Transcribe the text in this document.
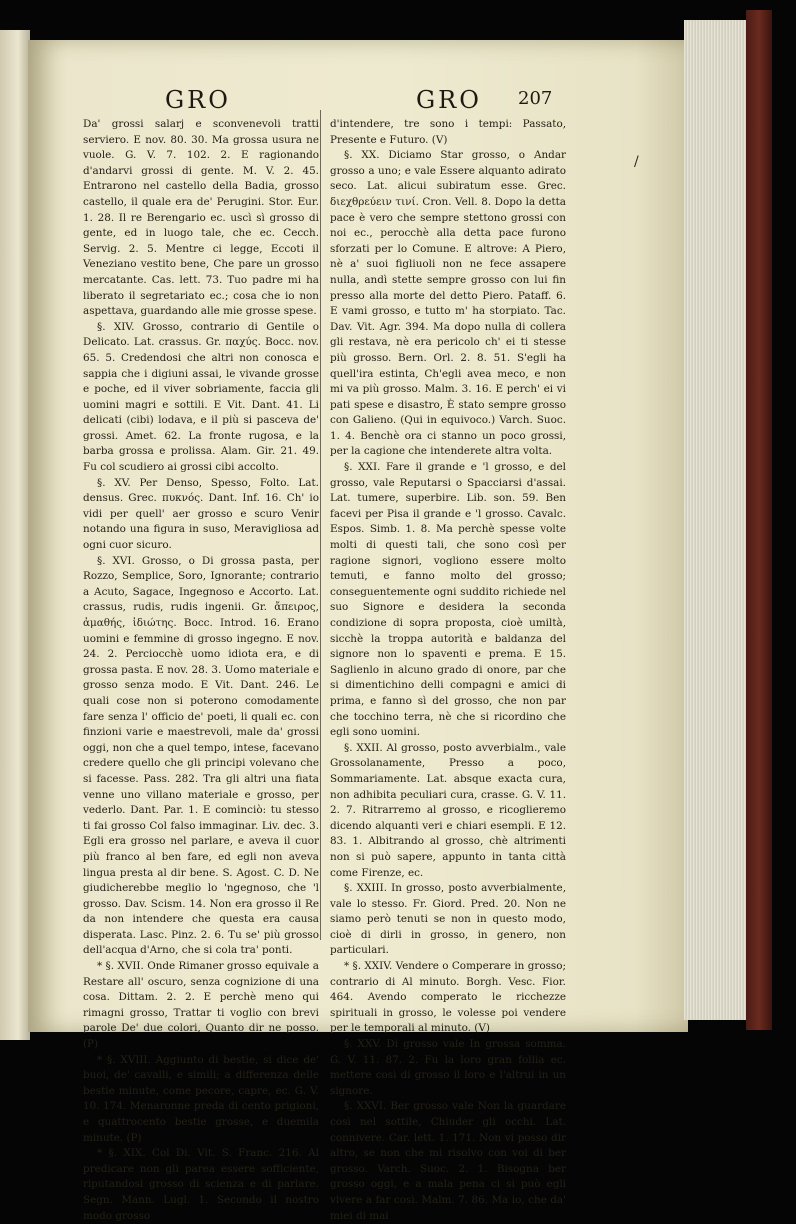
GRO	GRO 207
/

Da' grossi salarj e sconvenevoli tratti serviero. E nov. 80. 30. Ma grossa usura ne vuole. G. V. 7. 102. 2. E ragionando d'andarvi grossi di gente. M. V. 2. 45. Entrarono nel castello della Badia, grosso castello, il quale era de' Perugini. Stor. Eur. 1. 28. Il re Berengario ec. uscì sì grosso di gente, ed in luogo tale, che ec. Cecch. Servig. 2. 5. Mentre ci legge, Eccoti il Veneziano vestito bene, Che pare un grosso mercatante. Cas. lett. 73. Tuo padre mi ha liberato il segretariato ec.; cosa che io non aspettava, guardando alle mie grosse spese.

§. XIV. Grosso, contrario di Gentile o Delicato. Lat. crassus. Gr. παχύς. Bocc. nov. 65. 5. Credendosi che altri non conosca e sappia che i digiuni assai, le vivande grosse e poche, ed il viver sobriamente, faccia gli uomini magri e sottili. E Vit. Dant. 41. Li delicati (cibi) lodava, e il più si pasceva de' grossi. Amet. 62. La fronte rugosa, e la barba grossa e prolissa. Alam. Gir. 21. 49. Fu col scudiero ai grossi cibi accolto.

§. XV. Per Denso, Spesso, Folto. Lat. densus. Grec. πυκνός. Dant. Inf. 16. Ch' io vidi per quell' aer grosso e scuro Venir notando una figura in suso, Meravigliosa ad ogni cuor sicuro.

§. XVI. Grosso, o Di grossa pasta, per Rozzo, Semplice, Soro, Ignorante; contrario a Acuto, Sagace, Ingegnoso e Accorto. Lat. crassus, rudis, rudis ingenii. Gr. ἄπειρος, ἀμαθής, ἰδιώτης. Bocc. Introd. 16. Erano uomini e femmine di grosso ingegno. E nov. 24. 2. Perciocchè uomo idiota era, e di grossa pasta. E nov. 28. 3. Uomo materiale e grosso senza modo. E Vit. Dant. 246. Le quali cose non si poterono comodamente fare senza l' officio de' poeti, li quali ec. con finzioni varie e maestrevoli, male da' grossi oggi, non che a quel tempo, intese, facevano credere quello che gli principi volevano che si facesse. Pass. 282. Tra gli altri una fiata venne uno villano materiale e grosso, per vederlo. Dant. Par. 1. E cominciò: tu stesso ti fai grosso Col falso immaginar. Liv. dec. 3. Egli era grosso nel parlare, e aveva il cuor più franco al ben fare, ed egli non aveva lingua presta al dir bene. S. Agost. C. D. Ne giudicherebbe meglio lo 'ngegnoso, che 'l grosso. Dav. Scism. 14. Non era grosso il Re da non intendere che questa era causa disperata. Lasc. Pinz. 2. 6. Tu se' più grosso dell'acqua d'Arno, che si cola tra' ponti.

* §. XVII. Onde Rimaner grosso equivale a Restare all' oscuro, senza cognizione di una cosa. Dittam. 2. 2. E perchè meno qui rimagni grosso, Trattar ti voglio con brevi parole De' due colori, Quanto dir ne posso. (P)

* §. XVIII. Aggiunto di bestie, si dice de' buoi, de' cavalli, e simili; a differenza delle bestie minute, come pecore, capre, ec. G. V. 10. 174. Menaronne preda di cento prigioni, e quattrocento bestie grosse, e duemila minute. (P)

* §. XIX. Col Di. Vit. S. Franc. 216. Al predicare non gli parea essere sofficiente, riputandosi grosso di scienza e di parlare. Segn. Mann. Lugl. 1. Secondo il nostro modo grosso

d'intendere, tre sono i tempi: Passato, Presente e Futuro. (V)

§. XX. Diciamo Star grosso, o Andar grosso a uno; e vale Essere alquanto adirato seco. Lat. alicui subiratum esse. Grec. διεχθρεύειν τινί. Cron. Vell. 8. Dopo la detta pace è vero che sempre stettono grossi con noi ec., perocchè alla detta pace furono sforzati per lo Comune. E altrove: A Piero, nè a' suoi figliuoli non ne fece assapere nulla, andì stette sempre grosso con lui fin presso alla morte del detto Piero. Pataff. 6. E vami grosso, e tutto m' ha storpiato. Tac. Dav. Vit. Agr. 394. Ma dopo nulla di collera gli restava, nè era pericolo ch' ei ti stesse più grosso. Bern. Orl. 2. 8. 51. S'egli ha quell'ira estinta, Ch'egli avea meco, e non mi va più grosso. Malm. 3. 16. E perch' ei vi pati spese e disastro, È stato sempre grosso con Galieno. (Qui in equivoco.) Varch. Suoc. 1. 4. Benchè ora ci stanno un poco grossi, per la cagione che intenderete altra volta.

§. XXI. Fare il grande e 'l grosso, e del grosso, vale Reputarsi o Spacciarsi d'assai. Lat. tumere, superbire. Lib. son. 59. Ben facevi per Pisa il grande e 'l grosso. Cavalc. Espos. Simb. 1. 8. Ma perchè spesse volte molti di questi tali, che sono così per ragione signori, vogliono essere molto temuti, e fanno molto del grosso; conseguentemente ogni suddito richiede nel suo Signore e desidera la seconda condizione di sopra proposta, cioè umiltà, sicchè la troppa autorità e baldanza del signore non lo spaventi e prema. E 15. Saglienlo in alcuno grado di onore, par che si dimentichino delli compagni e amici di prima, e fanno sì del grosso, che non par che tocchino terra, nè che si ricordino che egli sono uomini.

§. XXII. Al grosso, posto avverbialm., vale Grossolanamente, Presso a poco, Sommariamente. Lat. absque exacta cura, non adhibita peculiari cura, crasse. G. V. 11. 2. 7. Ritrarremo al grosso, e ricoglieremo dicendo alquanti veri e chiari esempli. E 12. 83. 1. Albitrando al grosso, chè altrimenti non si può sapere, appunto in tanta città come Firenze, ec.

§. XXIII. In grosso, posto avverbialmente, vale lo stesso. Fr. Giord. Pred. 20. Non ne siamo però tenuti se non in questo modo, cioè di dirli in grosso, in genero, non particulari.

* §. XXIV. Vendere o Comperare in grosso; contrario di Al minuto. Borgh. Vesc. Fior. 464. Avendo comperato le ricchezze spirituali in grosso, le volesse poi vendere per le temporali al minuto. (V)

§. XXV. Di grosso vale In grossa somma. G. V. 11. 87. 2. Fu la loro gran follia ec. mettere così di grosso il loro e l'altrui in un signore.

§. XXVI. Ber grosso vale Non la guardare così nel sottile, Chiuder gli occhi. Lat. connivere. Car. lett. 1. 171. Non vi posso dir altro, se non che mi risolvo con voi di ber grosso. Varch. Suoc. 2. 1. Bisogna ber grosso oggi, e a mala pena ci si può egli vivere a far così. Malm. 7. 86. Ma io, che da' miei di mai
